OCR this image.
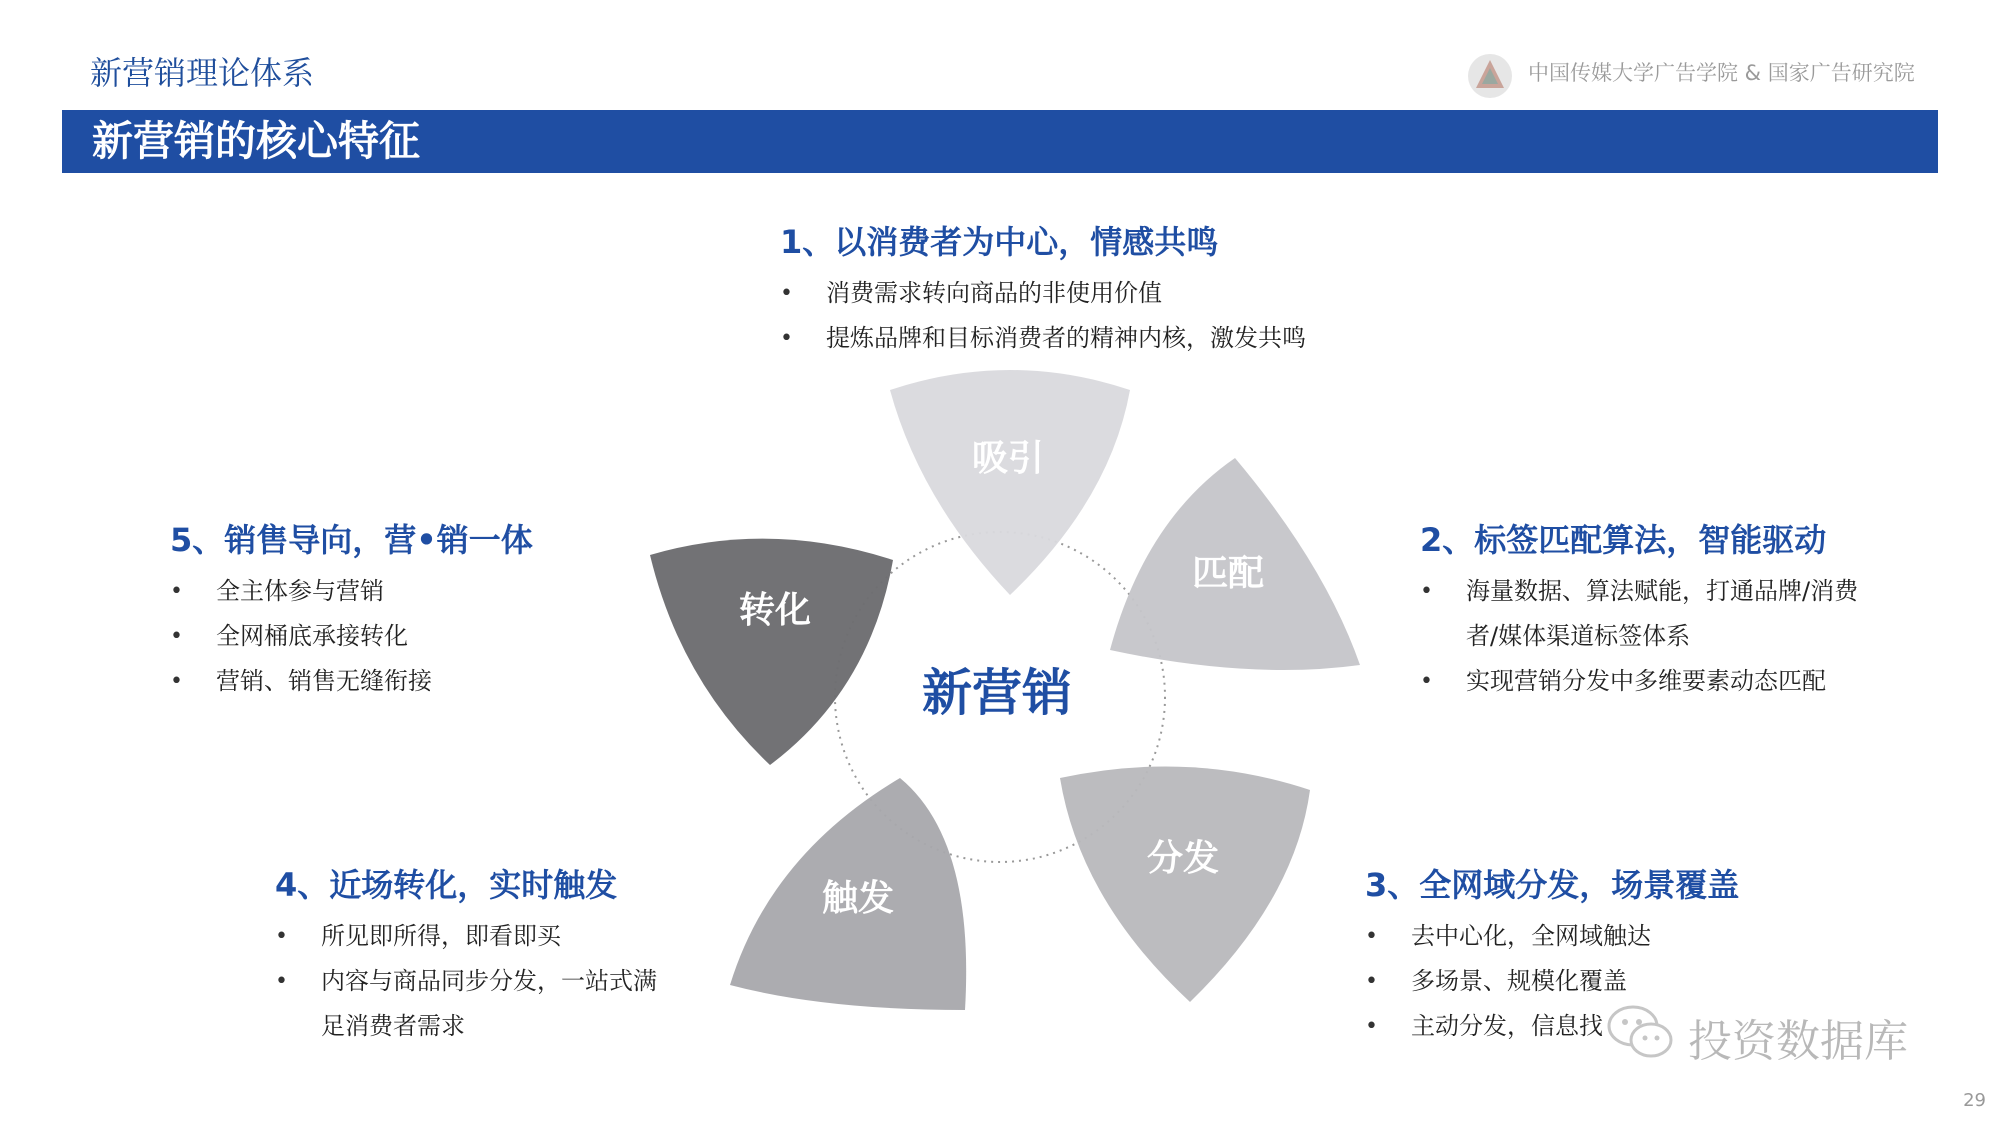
新营销理论体系	中国传媒大学广告学院 & 国家广告研究院
新营销的核心特征
1、以消费者为中心，情感共鸣
• 消费需求转向商品的非使用价值
• 提炼品牌和目标消费者的精神内核，激发共鸣
2、标签匹配算法，智能驱动
• 海量数据、算法赋能，打通品牌/消费者/媒体渠道标签体系
• 实现营销分发中多维要素动态匹配
3、全网域分发，场景覆盖
• 去中心化，全网域触达
• 多场景、规模化覆盖
• 主动分发，信息找
4、近场转化，实时触发
• 所见即所得，即看即买
• 内容与商品同步分发，一站式满足消费者需求
5、销售导向，营•销一体
• 全主体参与营销
• 全网桶底承接转化
• 营销、销售无缝衔接
吸引
匹配
分发
触发
转化
新营销
投资数据库
29
